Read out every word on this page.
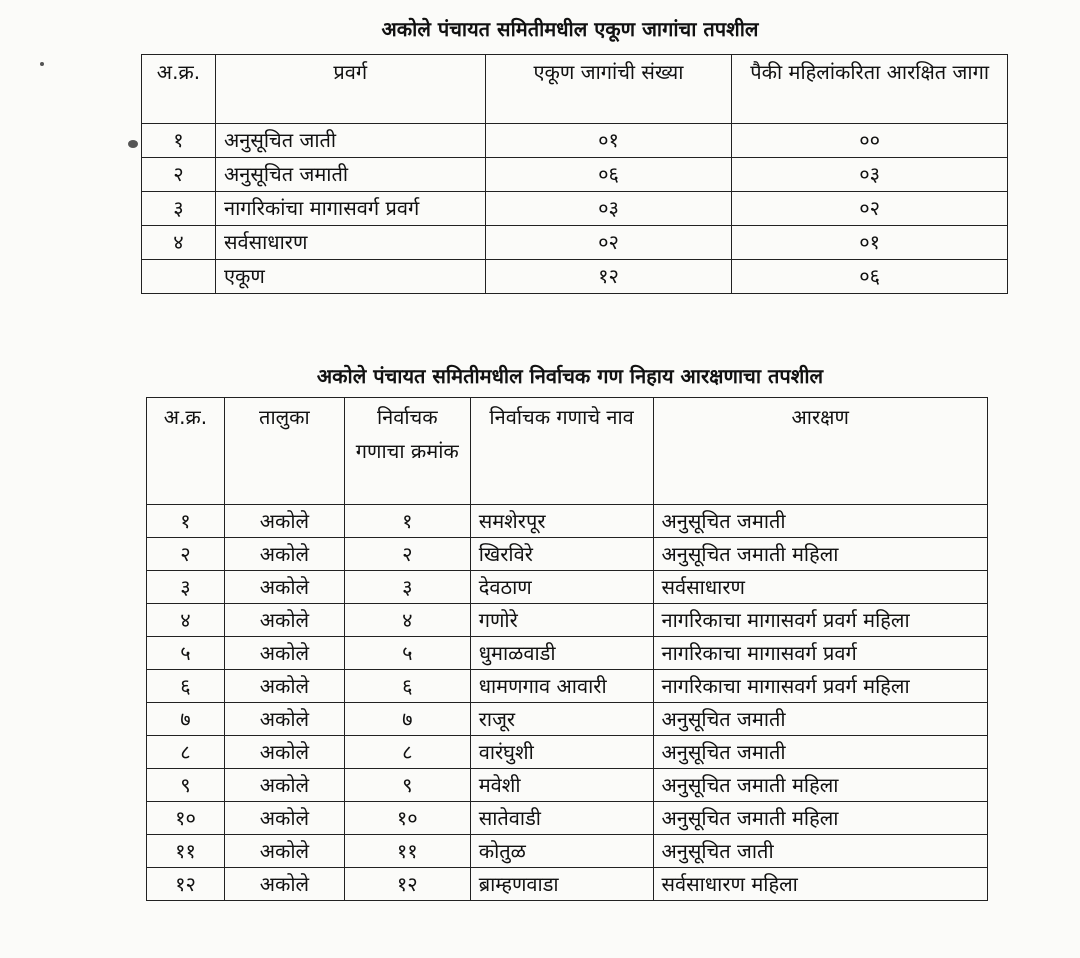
अकोले पंचायत समितीमधील एकूण जागांचा तपशील
अ.क्र.	प्रवर्ग	एकूण जागांची संख्या	पैकी महिलांकरिता आरक्षित जागा
१	अनुसूचित जाती	०१	००
२	अनुसूचित जमाती	०६	०३
३	नागरिकांचा मागासवर्ग प्रवर्ग	०३	०२
४	सर्वसाधारण	०२	०१
	एकूण	१२	०६
अकोले पंचायत समितीमधील निर्वाचक गण निहाय आरक्षणाचा तपशील
अ.क्र.	तालुका	निर्वाचक गणाचा क्रमांक	निर्वाचक गणाचे नाव	आरक्षण
१	अकोले	१	समशेरपूर	अनुसूचित जमाती
२	अकोले	२	खिरविरे	अनुसूचित जमाती महिला
३	अकोले	३	देवठाण	सर्वसाधारण
४	अकोले	४	गणोरे	नागरिकाचा मागासवर्ग प्रवर्ग महिला
५	अकोले	५	धुमाळवाडी	नागरिकाचा मागासवर्ग प्रवर्ग
६	अकोले	६	धामणगाव आवारी	नागरिकाचा मागासवर्ग प्रवर्ग महिला
७	अकोले	७	राजूर	अनुसूचित जमाती
८	अकोले	८	वारंघुशी	अनुसूचित जमाती
९	अकोले	९	मवेशी	अनुसूचित जमाती महिला
१०	अकोले	१०	सातेवाडी	अनुसूचित जमाती महिला
११	अकोले	११	कोतुळ	अनुसूचित जाती
१२	अकोले	१२	ब्राम्हणवाडा	सर्वसाधारण महिला
